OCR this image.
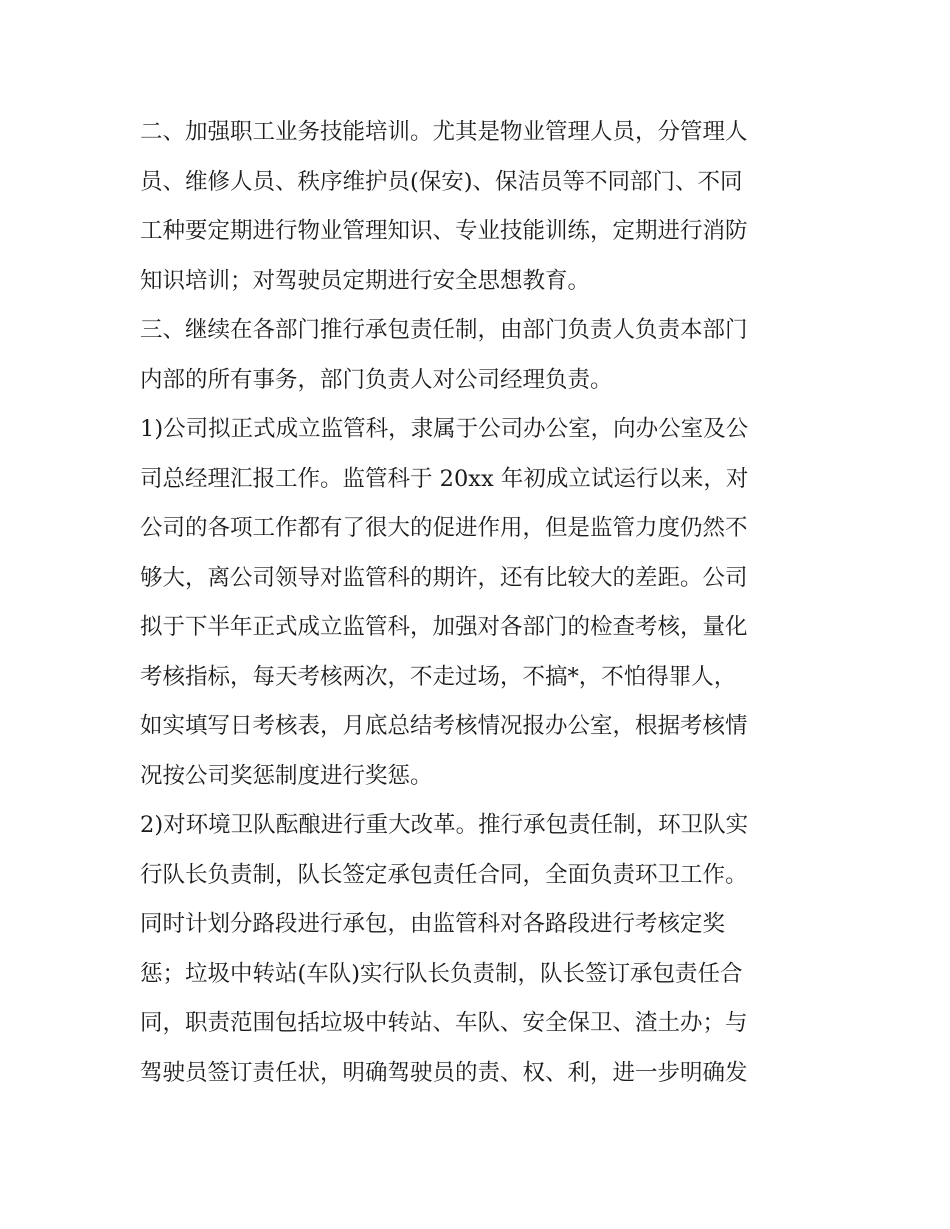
二、加强职工业务技能培训。尤其是物业管理人员，分管理人
员、维修人员、秩序维护员(保安)、保洁员等不同部门、不同
工种要定期进行物业管理知识、专业技能训练，定期进行消防
知识培训；对驾驶员定期进行安全思想教育。
三、继续在各部门推行承包责任制，由部门负责人负责本部门
内部的所有事务，部门负责人对公司经理负责。
1)公司拟正式成立监管科，隶属于公司办公室，向办公室及公
司总经理汇报工作。监管科于 20xx 年初成立试运行以来，对
公司的各项工作都有了很大的促进作用，但是监管力度仍然不
够大，离公司领导对监管科的期许，还有比较大的差距。公司
拟于下半年正式成立监管科，加强对各部门的检查考核，量化
考核指标，每天考核两次，不走过场，不搞*，不怕得罪人，
如实填写日考核表，月底总结考核情况报办公室，根据考核情
况按公司奖惩制度进行奖惩。
2)对环境卫队酝酿进行重大改革。推行承包责任制，环卫队实
行队长负责制，队长签定承包责任合同，全面负责环卫工作。
同时计划分路段进行承包，由监管科对各路段进行考核定奖
惩；垃圾中转站(车队)实行队长负责制，队长签订承包责任合
同，职责范围包括垃圾中转站、车队、安全保卫、渣土办；与
驾驶员签订责任状，明确驾驶员的责、权、利，进一步明确发
